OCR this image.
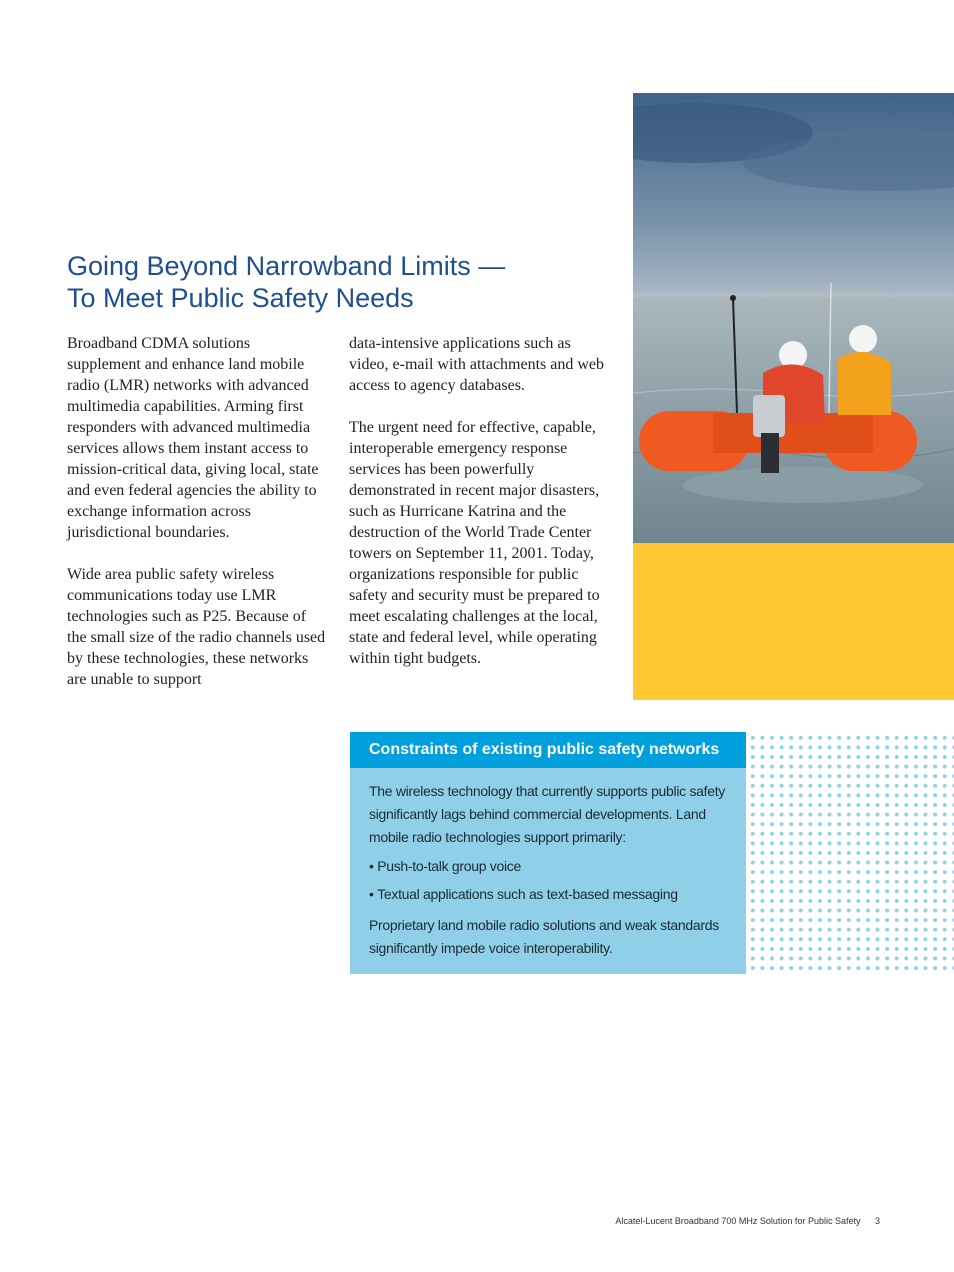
Going Beyond Narrowband Limits —
To Meet Public Safety Needs

Broadband CDMA solutions supplement and enhance land mobile radio (LMR) networks with advanced multimedia capabilities. Arming first responders with advanced multimedia services allows them instant access to mission-critical data, giving local, state and even federal agencies the ability to exchange information across jurisdictional boundaries.

Wide area public safety wireless communications today use LMR technologies such as P25. Because of the small size of the radio channels used by these technologies, these networks are unable to support

data-intensive applications such as video, e-mail with attachments and web access to agency databases.

The urgent need for effective, capable, interoperable emergency response services has been powerfully demonstrated in recent major disasters, such as Hurricane Katrina and the destruction of the World Trade Center towers on September 11, 2001. Today, organizations responsible for public safety and security must be prepared to meet escalating challenges at the local, state and federal level, while operating within tight budgets.

Constraints of existing public safety networks

The wireless technology that currently supports public safety significantly lags behind commercial developments. Land mobile radio technologies support primarily:

• Push-to-talk group voice
• Textual applications such as text-based messaging

Proprietary land mobile radio solutions and weak standards significantly impede voice interoperability.

Alcatel-Lucent Broadband 700 MHz Solution for Public Safety 3
